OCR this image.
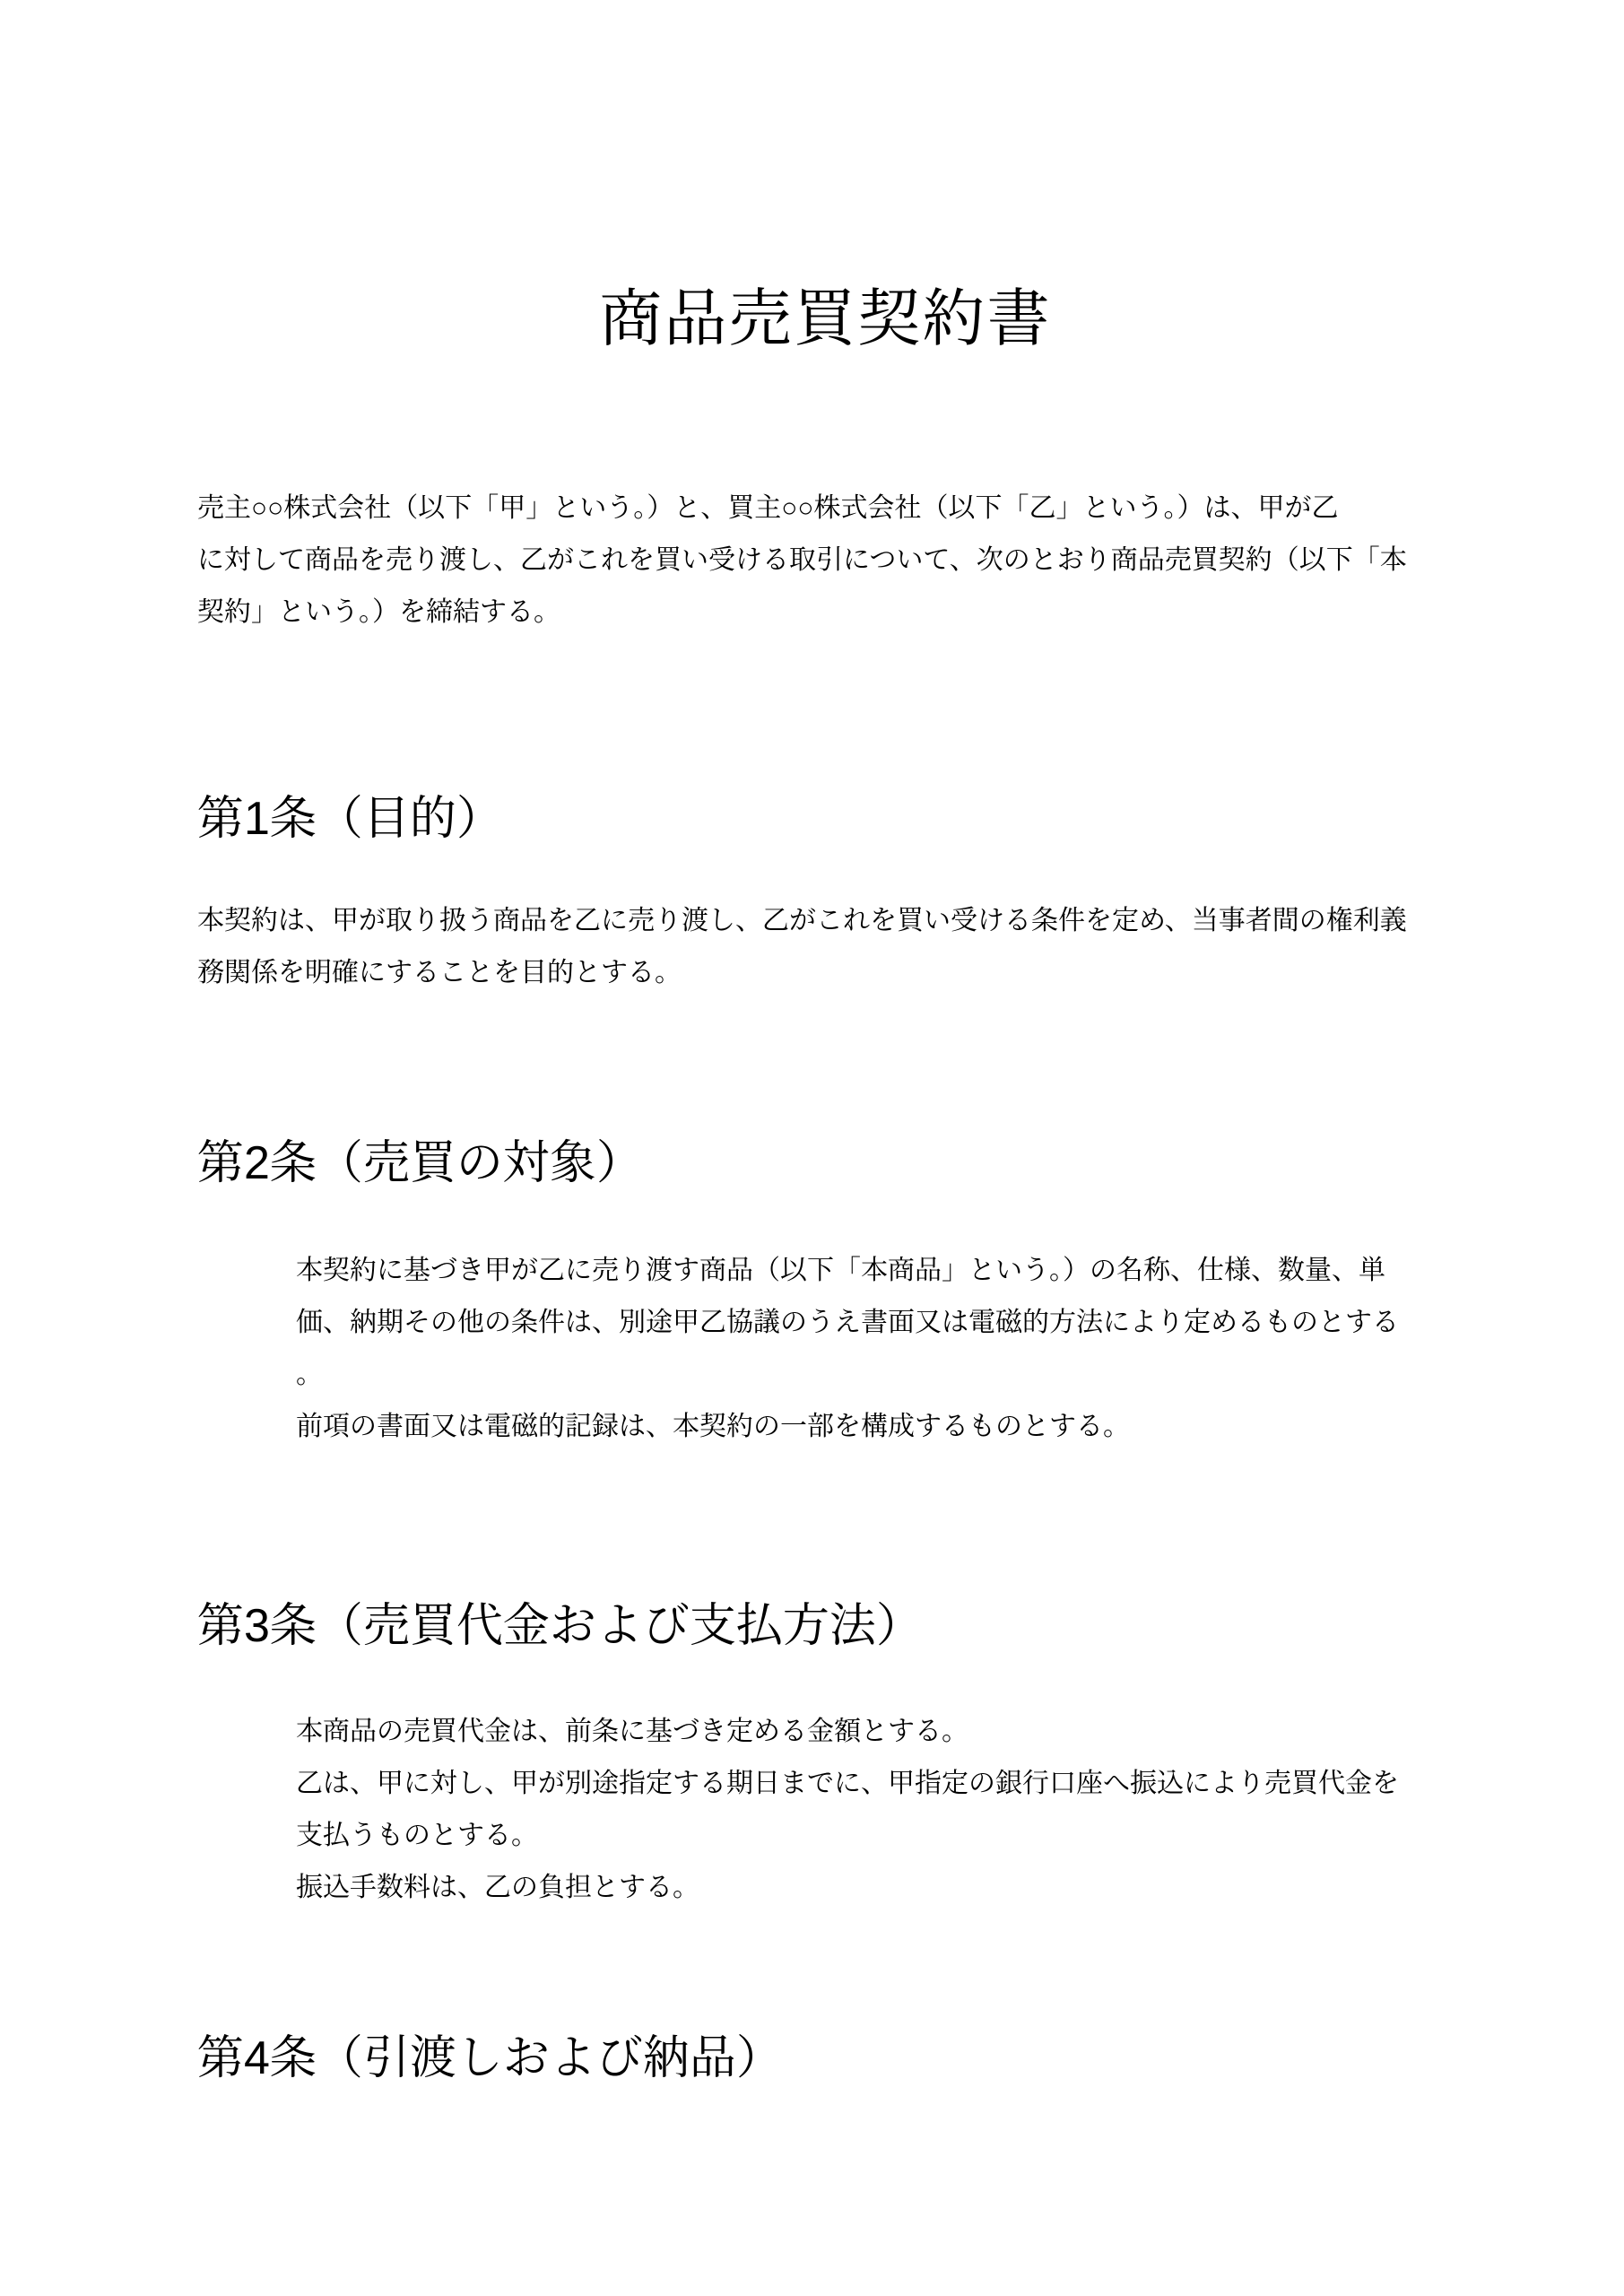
商品売買契約書
売主○○株式会社（以下「甲」という。）と、買主○○株式会社（以下「乙」という。）は、甲が乙
に対して商品を売り渡し、乙がこれを買い受ける取引について、次のとおり商品売買契約（以下「本
契約」という。）を締結する。
第1条（目的）
本契約は、甲が取り扱う商品を乙に売り渡し、乙がこれを買い受ける条件を定め、当事者間の権利義
務関係を明確にすることを目的とする。
第2条（売買の対象）
本契約に基づき甲が乙に売り渡す商品（以下「本商品」という。）の名称、仕様、数量、単
価、納期その他の条件は、別途甲乙協議のうえ書面又は電磁的方法により定めるものとする
。
前項の書面又は電磁的記録は、本契約の一部を構成するものとする。
第3条（売買代金および支払方法）
本商品の売買代金は、前条に基づき定める金額とする。
乙は、甲に対し、甲が別途指定する期日までに、甲指定の銀行口座へ振込により売買代金を
支払うものとする。
振込手数料は、乙の負担とする。
第4条（引渡しおよび納品）
